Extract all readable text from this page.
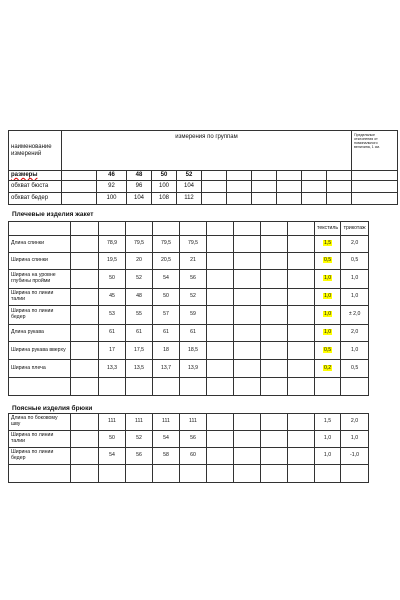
наименование измерений	измерения по группам											Предельные отклонения от номинального величина, 1 см.
размеры		46	48	50	52							
обхват бюста		92	96	100	104							
обхват бедер		100	104	108	112							
Плечевые изделия жакет
										текстиль	трикотаж
Длина спинки		78,9	79,5	79,5	79,5					1,5	2,0
Ширина спинки		19,5	20	20,5	21					0,5	0,5
Ширина на уровне глубины пройми		50	52	54	56					1,0	1,0
Ширина по линии талии		45	48	50	52					1,0	1,0
Ширина по линии бедер		53	55	57	59					1,0	± 2,0
Длина рукава		61	61	61	61					1,0	2,0
Ширина рукава вверху		17	17,5	18	18,5					0,5	1,0
Ширина плеча		13,3	13,5	13,7	13,9					0,2	0,5

Поясные изделия брюки
Длина по боковому шву		111	111	111	111					1,5	2,0
Ширина по линии талии		50	52	54	56					1,0	1,0
Ширина по линии бедер		54	56	58	60					1,0	-1,0
